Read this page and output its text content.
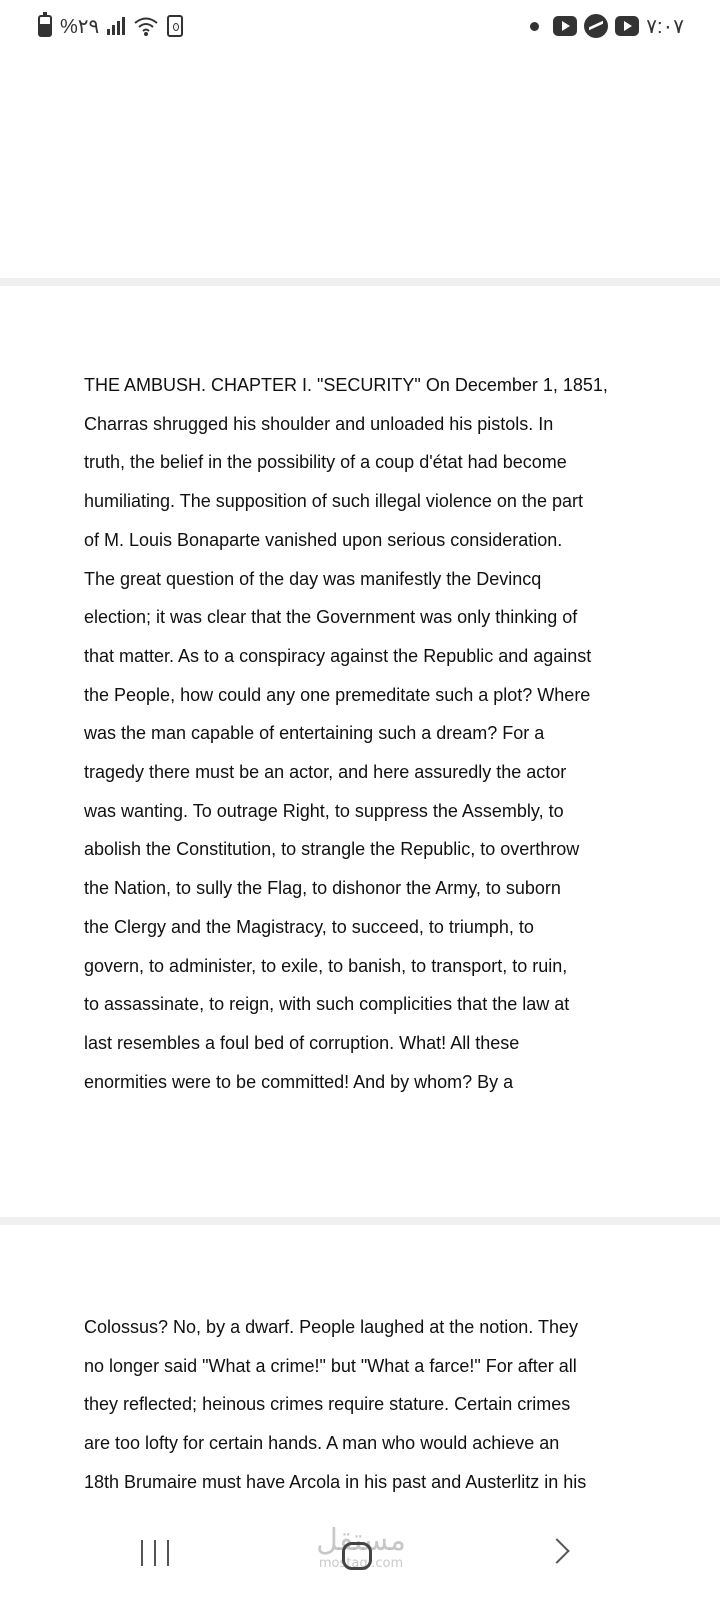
%۲۹	۷:۰۷

THE AMBUSH. CHAPTER I. "SECURITY" On December 1, 1851,

Charras shrugged his shoulder and unloaded his pistols. In

truth, the belief in the possibility of a coup d'état had become

humiliating. The supposition of such illegal violence on the part

of M. Louis Bonaparte vanished upon serious consideration.

The great question of the day was manifestly the Devincq

election; it was clear that the Government was only thinking of

that matter. As to a conspiracy against the Republic and against

the People, how could any one premeditate such a plot? Where

was the man capable of entertaining such a dream? For a

tragedy there must be an actor, and here assuredly the actor

was wanting. To outrage Right, to suppress the Assembly, to

abolish the Constitution, to strangle the Republic, to overthrow

the Nation, to sully the Flag, to dishonor the Army, to suborn

the Clergy and the Magistracy, to succeed, to triumph, to

govern, to administer, to exile, to banish, to transport, to ruin,

to assassinate, to reign, with such complicities that the law at

last resembles a foul bed of corruption. What! All these

enormities were to be committed! And by whom? By a

Colossus? No, by a dwarf. People laughed at the notion. They

no longer said "What a crime!" but "What a farce!" For after all

they reflected; heinous crimes require stature. Certain crimes

are too lofty for certain hands. A man who would achieve an

18th Brumaire must have Arcola in his past and Austerlitz in his

مستقل
mostaql.com
